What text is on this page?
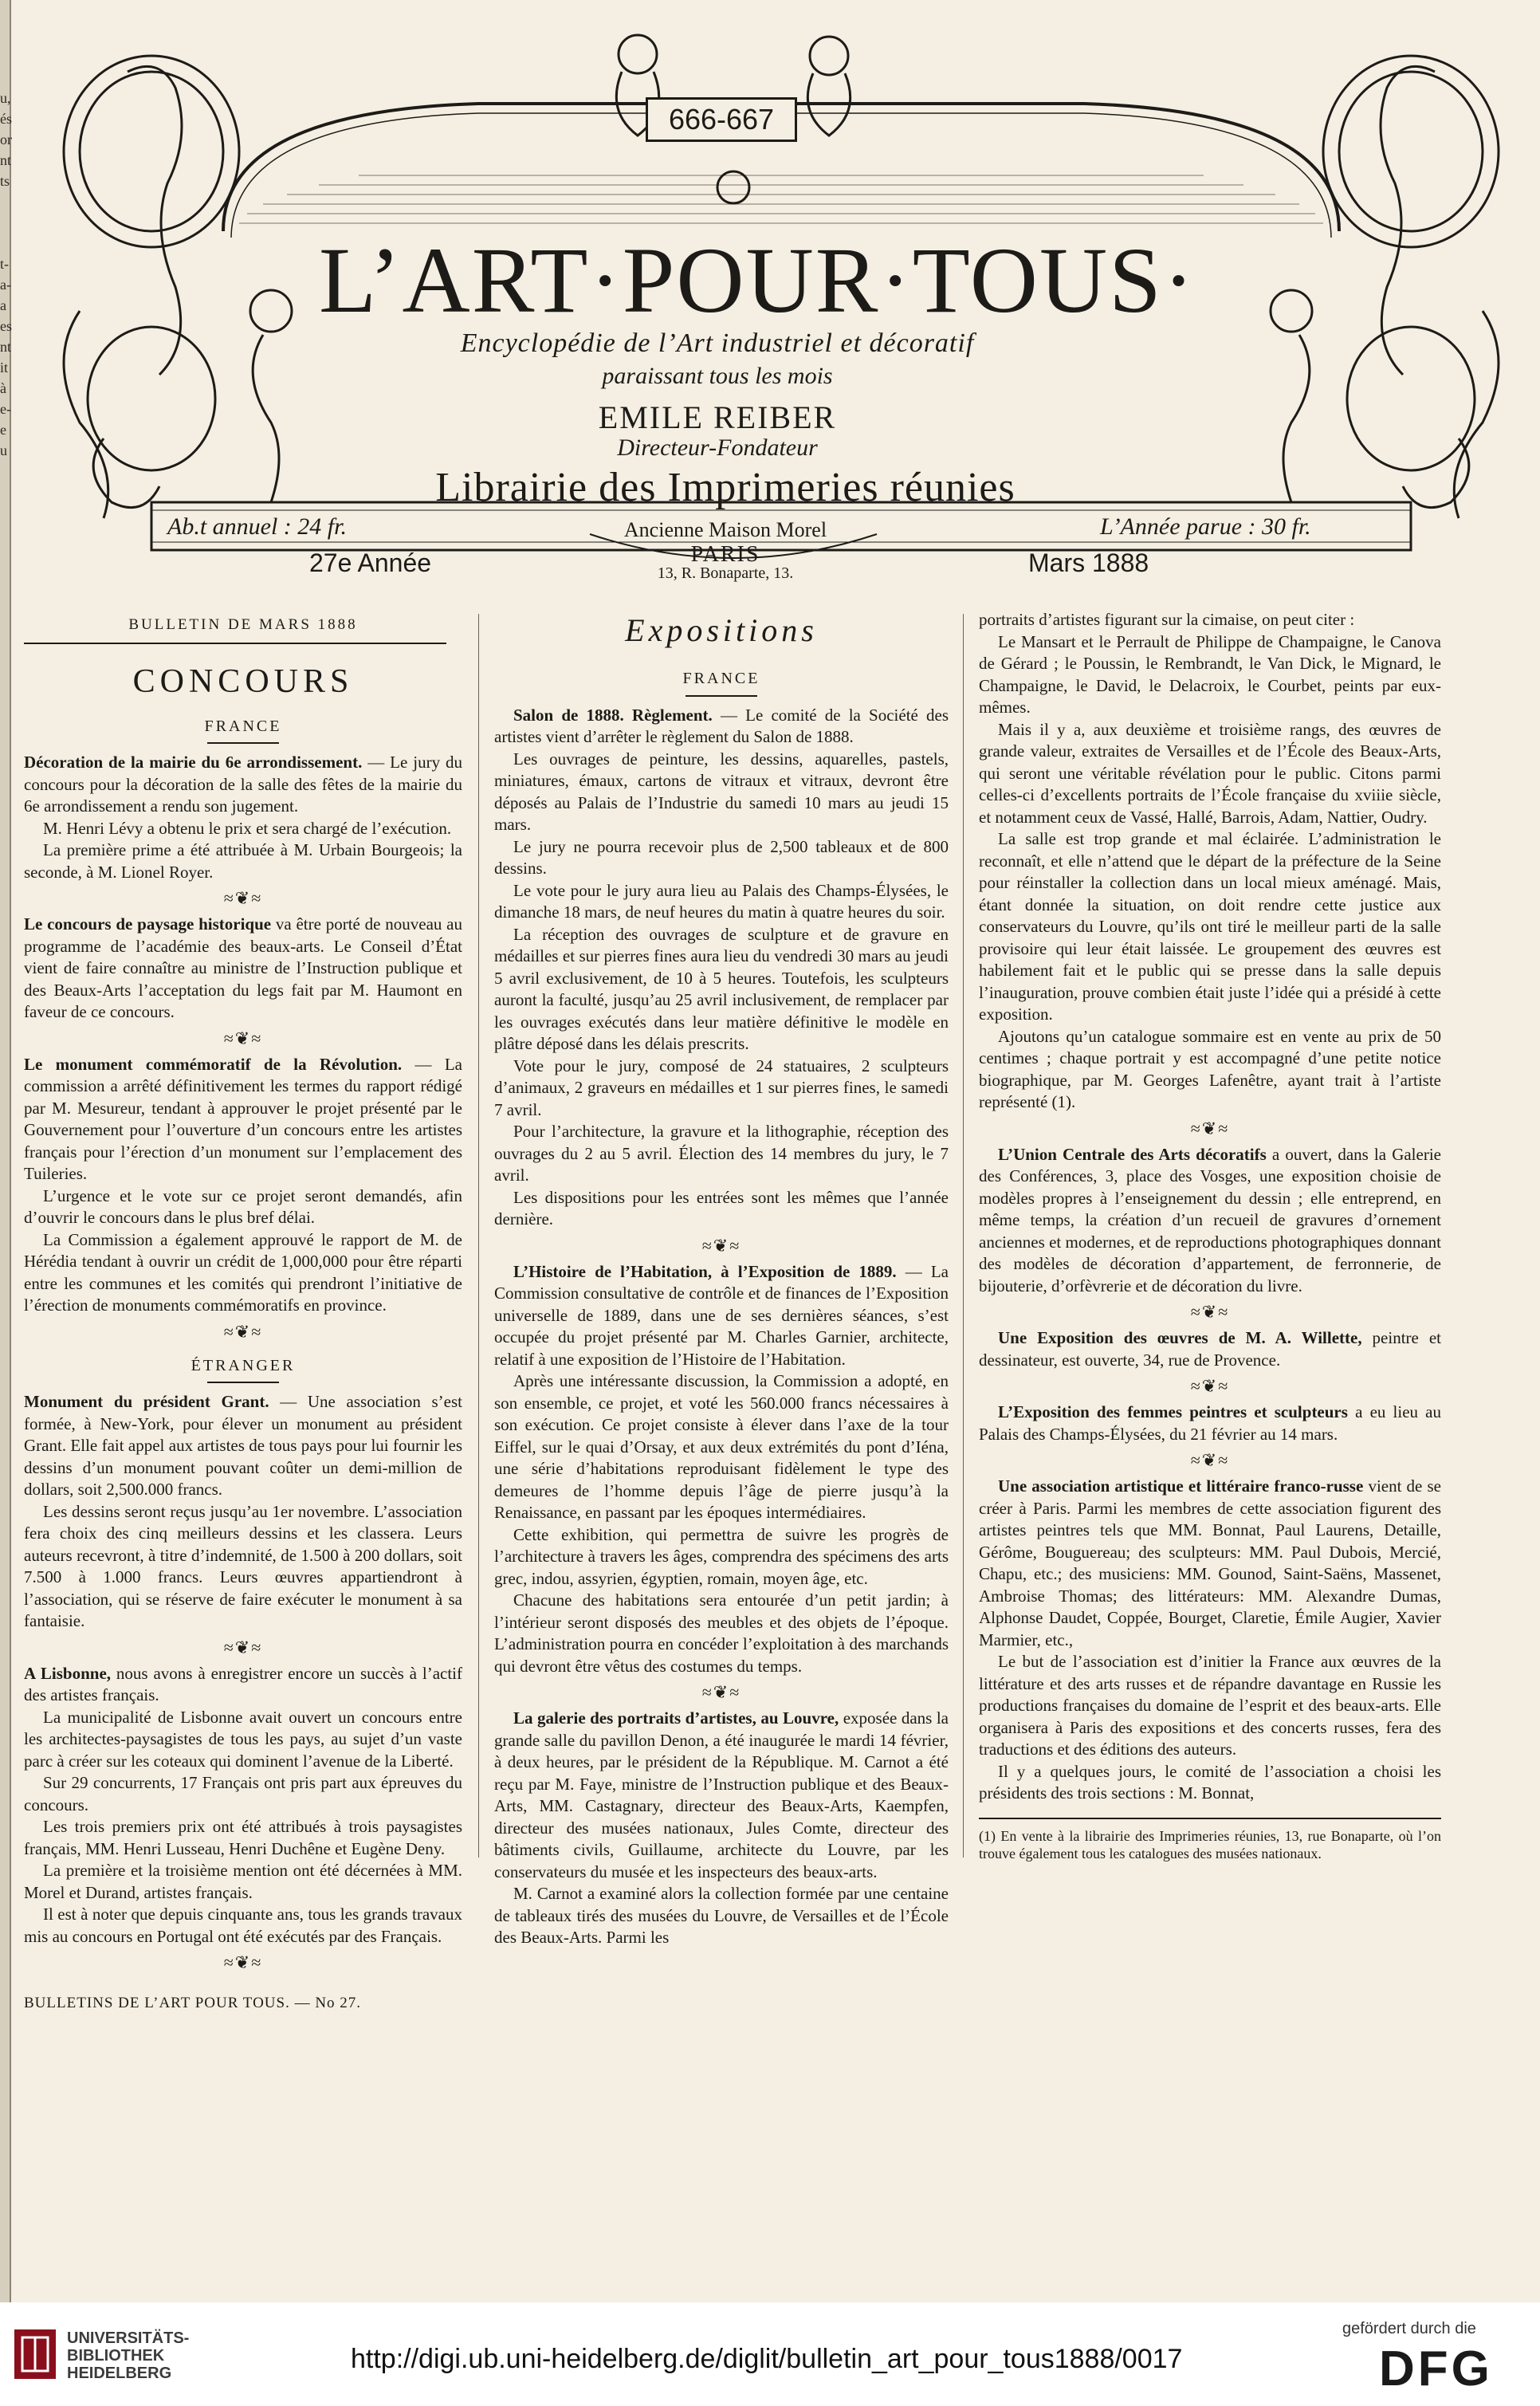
u,
és
or
nt
ts

t-
a-
a
es
nt
it
à
e-
e
u
666-667
L’ART·POUR·TOUS·
Encyclopédie de l’Art industriel et décoratif
paraissant tous les mois
EMILE REIBER
Directeur-Fondateur
Librairie des Imprimeries réunies
Ancienne Maison Morel
PARIS
13, R. Bonaparte, 13.
Ab.t annuel : 24 fr.	L’Année parue : 30 fr.
27e Année	Mars 1888
BULLETIN DE MARS 1888
CONCOURS
FRANCE

Décoration de la mairie du 6e arrondissement. — Le jury du concours pour la décoration de la salle des fêtes de la mairie du 6e arrondissement a rendu son jugement.

M. Henri Lévy a obtenu le prix et sera chargé de l’exécution.

La première prime a été attribuée à M. Urbain Bourgeois; la seconde, à M. Lionel Royer.

≈❦≈

Le concours de paysage historique va être porté de nouveau au programme de l’académie des beaux-arts. Le Conseil d’État vient de faire connaître au ministre de l’Instruction publique et des Beaux-Arts l’acceptation du legs fait par M. Haumont en faveur de ce concours.

≈❦≈

Le monument commémoratif de la Révolution. — La commission a arrêté définitivement les termes du rapport rédigé par M. Mesureur, tendant à approuver le projet présenté par le Gouvernement pour l’ouverture d’un concours entre les artistes français pour l’érection d’un monument sur l’emplacement des Tuileries.

L’urgence et le vote sur ce projet seront demandés, afin d’ouvrir le concours dans le plus bref délai.

La Commission a également approuvé le rapport de M. de Hérédia tendant à ouvrir un crédit de 1,000,000 pour être réparti entre les communes et les comités qui prendront l’initiative de l’érection de monuments commémoratifs en province.

≈❦≈
ÉTRANGER

Monument du président Grant. — Une association s’est formée, à New-York, pour élever un monument au président Grant. Elle fait appel aux artistes de tous pays pour lui fournir les dessins d’un monument pouvant coûter un demi-million de dollars, soit 2,500.000 francs.

Les dessins seront reçus jusqu’au 1er novembre. L’association fera choix des cinq meilleurs dessins et les classera. Leurs auteurs recevront, à titre d’indemnité, de 1.500 à 200 dollars, soit 7.500 à 1.000 francs. Leurs œuvres appartiendront à l’association, qui se réserve de faire exécuter le monument à sa fantaisie.

≈❦≈

A Lisbonne, nous avons à enregistrer encore un succès à l’actif des artistes français.

La municipalité de Lisbonne avait ouvert un concours entre les architectes-paysagistes de tous les pays, au sujet d’un vaste parc à créer sur les coteaux qui dominent l’avenue de la Liberté.

Sur 29 concurrents, 17 Français ont pris part aux épreuves du concours.

Les trois premiers prix ont été attribués à trois paysagistes français, MM. Henri Lusseau, Henri Duchêne et Eugène Deny.

La première et la troisième mention ont été décernées à MM. Morel et Durand, artistes français.

Il est à noter que depuis cinquante ans, tous les grands travaux mis au concours en Portugal ont été exécutés par des Français.

≈❦≈
BULLETINS DE L’ART POUR TOUS. — No 27.
Expositions
FRANCE

Salon de 1888. Règlement. — Le comité de la Société des artistes vient d’arrêter le règlement du Salon de 1888.

Les ouvrages de peinture, les dessins, aquarelles, pastels, miniatures, émaux, cartons de vitraux et vitraux, devront être déposés au Palais de l’Industrie du samedi 10 mars au jeudi 15 mars.

Le jury ne pourra recevoir plus de 2,500 tableaux et de 800 dessins.

Le vote pour le jury aura lieu au Palais des Champs-Élysées, le dimanche 18 mars, de neuf heures du matin à quatre heures du soir.

La réception des ouvrages de sculpture et de gravure en médailles et sur pierres fines aura lieu du vendredi 30 mars au jeudi 5 avril exclusivement, de 10 à 5 heures. Toutefois, les sculpteurs auront la faculté, jusqu’au 25 avril inclusivement, de remplacer par les ouvrages exécutés dans leur matière définitive le modèle en plâtre déposé dans les délais prescrits.

Vote pour le jury, composé de 24 statuaires, 2 sculpteurs d’animaux, 2 graveurs en médailles et 1 sur pierres fines, le samedi 7 avril.

Pour l’architecture, la gravure et la lithographie, réception des ouvrages du 2 au 5 avril. Élection des 14 membres du jury, le 7 avril.

Les dispositions pour les entrées sont les mêmes que l’année dernière.

≈❦≈

L’Histoire de l’Habitation, à l’Exposition de 1889. — La Commission consultative de contrôle et de finances de l’Exposition universelle de 1889, dans une de ses dernières séances, s’est occupée du projet présenté par M. Charles Garnier, architecte, relatif à une exposition de l’Histoire de l’Habitation.

Après une intéressante discussion, la Commission a adopté, en son ensemble, ce projet, et voté les 560.000 francs nécessaires à son exécution. Ce projet consiste à élever dans l’axe de la tour Eiffel, sur le quai d’Orsay, et aux deux extrémités du pont d’Iéna, une série d’habitations reproduisant fidèlement le type des demeures de l’homme depuis l’âge de pierre jusqu’à la Renaissance, en passant par les époques intermédiaires.

Cette exhibition, qui permettra de suivre les progrès de l’architecture à travers les âges, comprendra des spécimens des arts grec, indou, assyrien, égyptien, romain, moyen âge, etc.

Chacune des habitations sera entourée d’un petit jardin; à l’intérieur seront disposés des meubles et des objets de l’époque. L’administration pourra en concéder l’exploitation à des marchands qui devront être vêtus des costumes du temps.

≈❦≈

La galerie des portraits d’artistes, au Louvre, exposée dans la grande salle du pavillon Denon, a été inaugurée le mardi 14 février, à deux heures, par le président de la République. M. Carnot a été reçu par M. Faye, ministre de l’Instruction publique et des Beaux-Arts, MM. Castagnary, directeur des Beaux-Arts, Kaempfen, directeur des musées nationaux, Jules Comte, directeur des bâtiments civils, Guillaume, architecte du Louvre, par les conservateurs du musée et les inspecteurs des beaux-arts.

M. Carnot a examiné alors la collection formée par une centaine de tableaux tirés des musées du Louvre, de Versailles et de l’École des Beaux-Arts. Parmi les

portraits d’artistes figurant sur la cimaise, on peut citer :

Le Mansart et le Perrault de Philippe de Champaigne, le Canova de Gérard ; le Poussin, le Rembrandt, le Van Dick, le Mignard, le Champaigne, le David, le Delacroix, le Courbet, peints par eux-mêmes.

Mais il y a, aux deuxième et troisième rangs, des œuvres de grande valeur, extraites de Versailles et de l’École des Beaux-Arts, qui seront une véritable révélation pour le public. Citons parmi celles-ci d’excellents portraits de l’École française du xviiie siècle, et notamment ceux de Vassé, Hallé, Barrois, Adam, Nattier, Oudry.

La salle est trop grande et mal éclairée. L’administration le reconnaît, et elle n’attend que le départ de la préfecture de la Seine pour réinstaller la collection dans un local mieux aménagé. Mais, étant donnée la situation, on doit rendre cette justice aux conservateurs du Louvre, qu’ils ont tiré le meilleur parti de la salle provisoire qui leur était laissée. Le groupement des œuvres est habilement fait et le public qui se presse dans la salle depuis l’inauguration, prouve combien était juste l’idée qui a présidé à cette exposition.

Ajoutons qu’un catalogue sommaire est en vente au prix de 50 centimes ; chaque portrait y est accompagné d’une petite notice biographique, par M. Georges Lafenêtre, ayant trait à l’artiste représenté (1).

≈❦≈

L’Union Centrale des Arts décoratifs a ouvert, dans la Galerie des Conférences, 3, place des Vosges, une exposition choisie de modèles propres à l’enseignement du dessin ; elle entreprend, en même temps, la création d’un recueil de gravures d’ornement anciennes et modernes, et de reproductions photographiques donnant des modèles de décoration d’appartement, de ferronnerie, de bijouterie, d’orfèvrerie et de décoration du livre.

≈❦≈

Une Exposition des œuvres de M. A. Willette, peintre et dessinateur, est ouverte, 34, rue de Provence.

≈❦≈

L’Exposition des femmes peintres et sculpteurs a eu lieu au Palais des Champs-Élysées, du 21 février au 14 mars.

≈❦≈

Une association artistique et littéraire franco-russe vient de se créer à Paris. Parmi les membres de cette association figurent des artistes peintres tels que MM. Bonnat, Paul Laurens, Detaille, Gérôme, Bouguereau; des sculpteurs: MM. Paul Dubois, Mercié, Chapu, etc.; des musiciens: MM. Gounod, Saint-Saëns, Massenet, Ambroise Thomas; des littérateurs: MM. Alexandre Dumas, Alphonse Daudet, Coppée, Bourget, Claretie, Émile Augier, Xavier Marmier, etc.,

Le but de l’association est d’initier la France aux œuvres de la littérature et des arts russes et de répandre davantage en Russie les productions françaises du domaine de l’esprit et des beaux-arts. Elle organisera à Paris des expositions et des concerts russes, fera des traductions et des éditions des auteurs.

Il y a quelques jours, le comité de l’association a choisi les présidents des trois sections : M. Bonnat,

(1) En vente à la librairie des Imprimeries réunies, 13, rue Bonaparte, où l’on trouve également tous les catalogues des musées nationaux.
UNIVERSITÄTS-
BIBLIOTHEK
HEIDELBERG	http://digi.ub.uni-heidelberg.de/diglit/bulletin_art_pour_tous1888/0017
gefördert durch die
DFG
